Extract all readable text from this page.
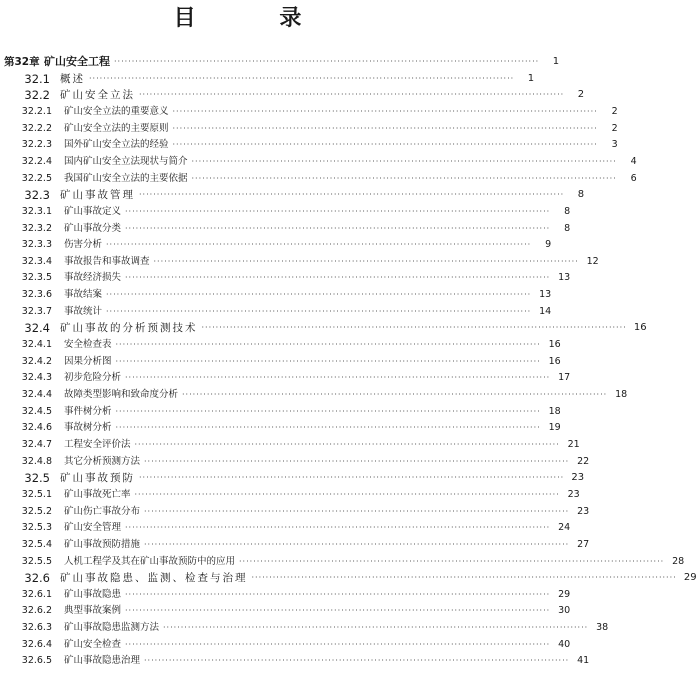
目 录
第32章 矿山安全工程 ························································································································	1
32.1 概述 ························································································································	1
32.2 矿山安全立法 ························································································································	2
32.2.1 矿山安全立法的重要意义 ························································································································	2
32.2.2 矿山安全立法的主要原则 ························································································································	2
32.2.3 国外矿山安全立法的经验 ························································································································	3
32.2.4 国内矿山安全立法现状与简介 ························································································································	4
32.2.5 我国矿山安全立法的主要依据 ························································································································	6
32.3 矿山事故管理 ························································································································	8
32.3.1 矿山事故定义 ························································································································	8
32.3.2 矿山事故分类 ························································································································	8
32.3.3 伤害分析 ························································································································	9
32.3.4 事故报告和事故调查 ························································································································ 12
32.3.5 事故经济损失 ························································································································ 13
32.3.6 事故结案 ························································································································ 13
32.3.7 事故统计 ························································································································ 14
32.4 矿山事故的分析预测技术 ························································································································ 16
32.4.1 安全检查表 ························································································································ 16
32.4.2 因果分析图 ························································································································ 16
32.4.3 初步危险分析 ························································································································ 17
32.4.4 故障类型影响和致命度分析 ························································································································ 18
32.4.5 事件树分析 ························································································································ 18
32.4.6 事故树分析 ························································································································ 19
32.4.7 工程安全评价法 ························································································································ 21
32.4.8 其它分析预测方法 ························································································································ 22
32.5 矿山事故预防 ························································································································ 23
32.5.1 矿山事故死亡率 ························································································································ 23
32.5.2 矿山伤亡事故分布 ························································································································ 23
32.5.3 矿山安全管理 ························································································································ 24
32.5.4 矿山事故预防措施 ························································································································ 27
32.5.5 人机工程学及其在矿山事故预防中的应用 ························································································································ 28
32.6 矿山事故隐患、监测、检查与治理 ························································································································ 29
32.6.1 矿山事故隐患 ························································································································ 29
32.6.2 典型事故案例 ························································································································ 30
32.6.3 矿山事故隐患监测方法 ························································································································ 38
32.6.4 矿山安全检查 ························································································································ 40
32.6.5 矿山事故隐患治理 ························································································································ 41
